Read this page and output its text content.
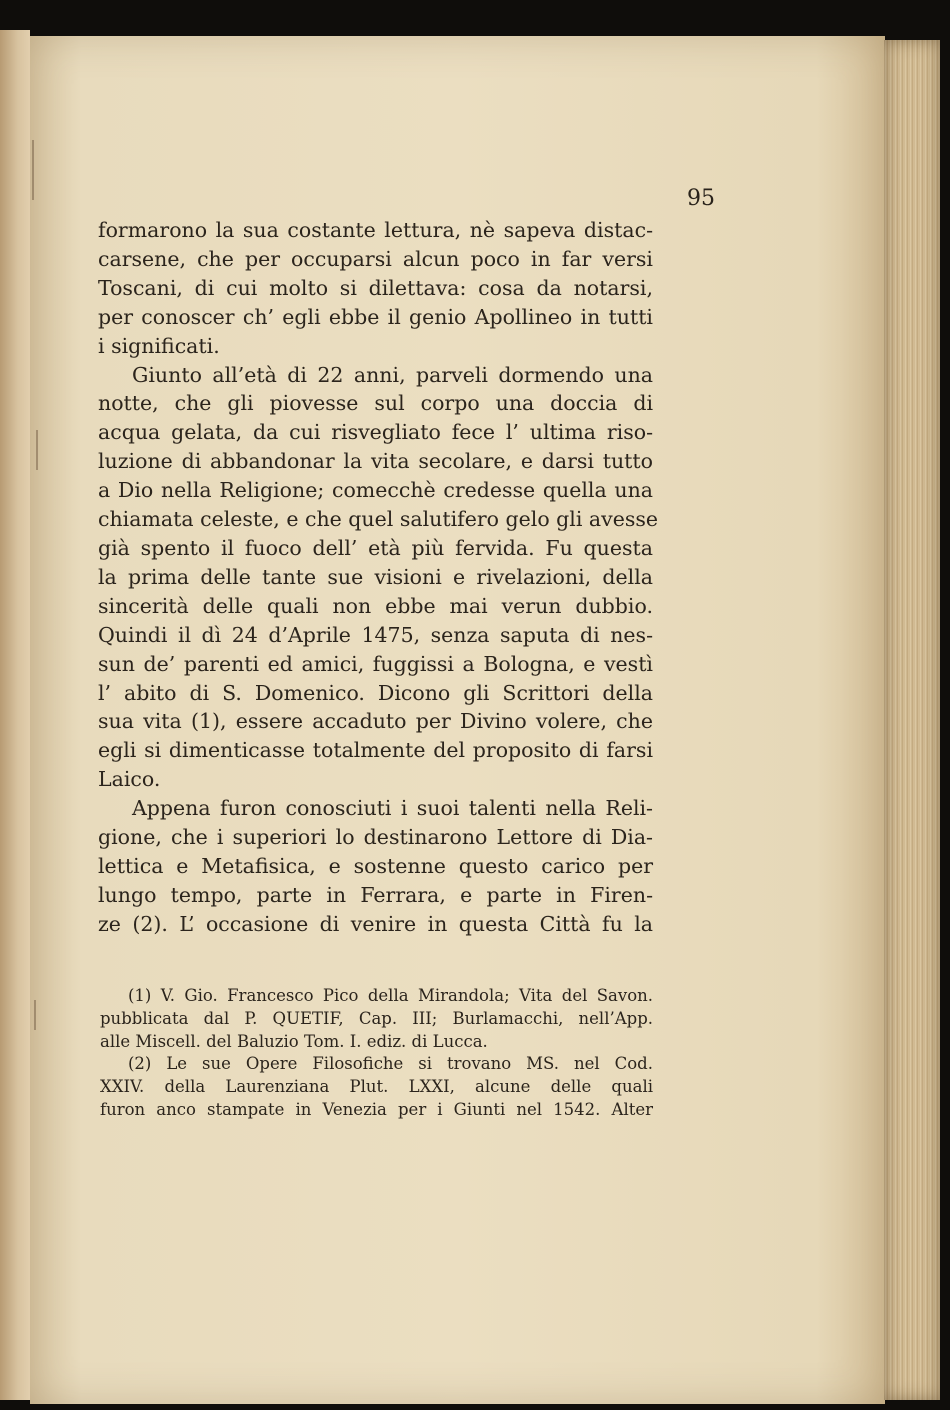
95
formarono la sua costante lettura, nè sapeva distac-
carsene, che per occuparsi alcun poco in far versi
Toscani, di cui molto si dilettava: cosa da notarsi,
per conoscer ch’ egli ebbe il genio Apollineo in tutti
i significati.
Giunto all’età di 22 anni, parveli dormendo una
notte, che gli piovesse sul corpo una doccia di
acqua gelata, da cui risvegliato fece l’ ultima riso-
luzione di abbandonar la vita secolare, e darsi tutto
a Dio nella Religione; comecchè credesse quella una
chiamata celeste, e che quel salutifero gelo gli avesse
già spento il fuoco dell’ età più fervida. Fu questa
la prima delle tante sue visioni e rivelazioni, della
sincerità delle quali non ebbe mai verun dubbio.
Quindi il dì 24 d’Aprile 1475, senza saputa di nes-
sun de’ parenti ed amici, fuggissi a Bologna, e vestì
l’ abito di S. Domenico. Dicono gli Scrittori della
sua vita (1), essere accaduto per Divino volere, che
egli si dimenticasse totalmente del proposito di farsi
Laico.
Appena furon conosciuti i suoi talenti nella Reli-
gione, che i superiori lo destinarono Lettore di Dia-
lettica e Metafisica, e sostenne questo carico per
lungo tempo, parte in Ferrara, e parte in Firen-
ze (2). L’ occasione di venire in questa Città fu la
(1) V. Gio. Francesco Pico della Mirandola; Vita del Savon.
pubblicata dal P. QUETIF, Cap. III; Burlamacchi, nell’App.
alle Miscell. del Baluzio Tom. I. ediz. di Lucca.
(2) Le sue Opere Filosofiche si trovano MS. nel Cod.
XXIV. della Laurenziana Plut. LXXI, alcune delle quali
furon anco stampate in Venezia per i Giunti nel 1542. Alter
